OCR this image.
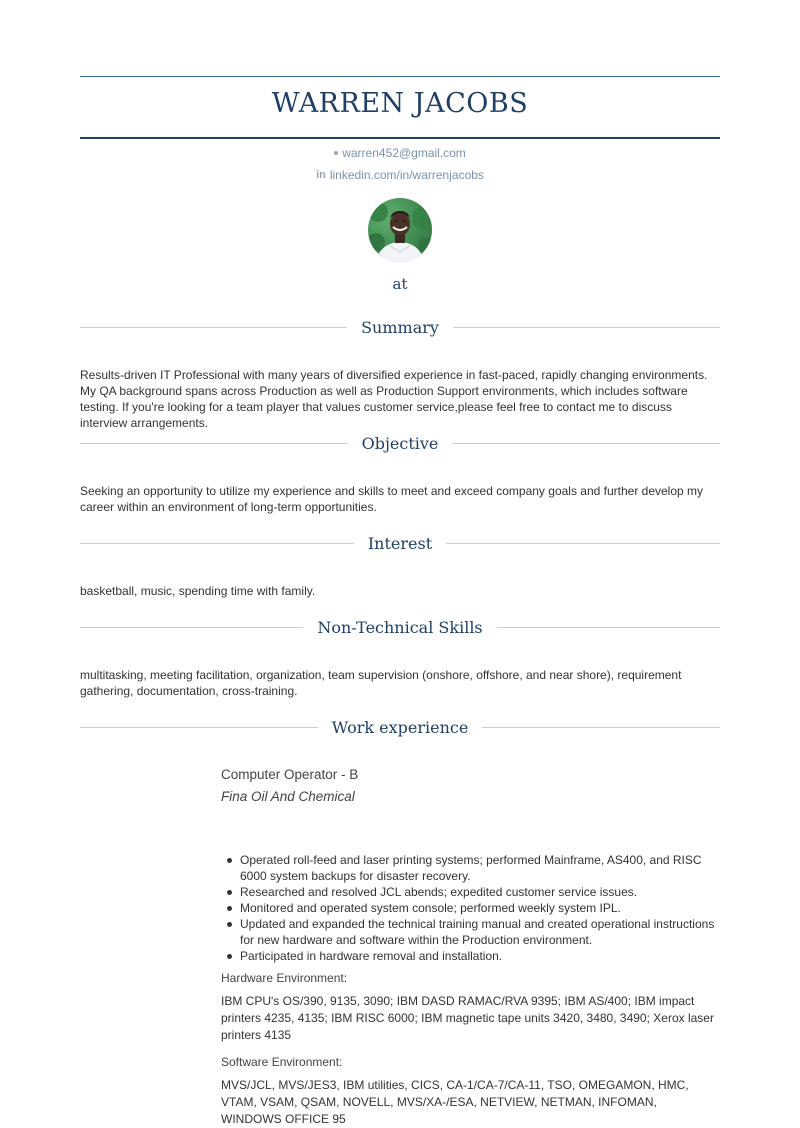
WARREN JACOBS
warren452@gmail.com
in linkedin.com/in/warrenjacobs
at
Summary

Results-driven IT Professional with many years of diversified experience in fast-paced, rapidly changing environments. My QA background spans across Production as well as Production Support environments, which includes software testing. If you're looking for a team player that values customer service,please feel free to contact me to discuss interview arrangements.

Objective

Seeking an opportunity to utilize my experience and skills to meet and exceed company goals and further develop my career within an environment of long-term opportunities.

Interest

basketball, music, spending time with family.

Non-Technical Skills

multitasking, meeting facilitation, organization, team supervision (onshore, offshore, and near shore), requirement gathering, documentation, cross-training.

Work experience
Computer Operator - B
Fina Oil And Chemical
Operated roll-feed and laser printing systems; performed Mainframe, AS400, and RISC 6000 system backups for disaster recovery.
Researched and resolved JCL abends; expedited customer service issues.
Monitored and operated system console; performed weekly system IPL.
Updated and expanded the technical training manual and created operational instructions for new hardware and software within the Production environment.
Participated in hardware removal and installation.
Hardware Environment:

IBM CPU's OS/390, 9135, 3090; IBM DASD RAMAC/RVA 9395; IBM AS/400; IBM impact printers 4235, 4135; IBM RISC 6000; IBM magnetic tape units 3420, 3480, 3490; Xerox laser printers 4135

Software Environment:

MVS/JCL, MVS/JES3, IBM utilities, CICS, CA-1/CA-7/CA-11, TSO, OMEGAMON, HMC, VTAM, VSAM, QSAM, NOVELL, MVS/XA-/ESA, NETVIEW, NETMAN, INFOMAN, WINDOWS OFFICE 95
